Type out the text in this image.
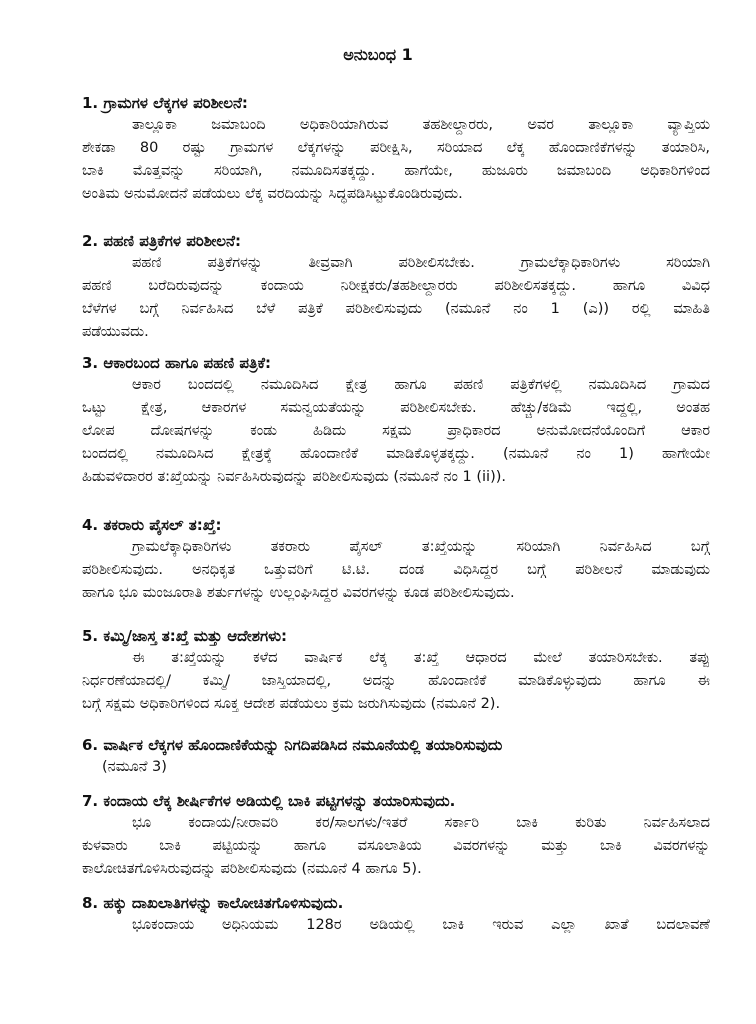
ಅನುಬಂಧ 1
1. ಗ್ರಾಮಗಳ ಲೆಕ್ಕಗಳ ಪರಿಶೀಲನೆ:
ತಾಲ್ಲೂಕಾ ಜಮಾಬಂದಿ ಅಧಿಕಾರಿಯಾಗಿರುವ ತಹಶೀಲ್ದಾರರು, ಅವರ ತಾಲ್ಲೂಕಾ ವ್ಯಾಪ್ತಿಯ
ಶೇಕಡಾ 80 ರಷ್ಟು ಗ್ರಾಮಗಳ ಲೆಕ್ಕಗಳನ್ನು ಪರೀಕ್ಷಿಸಿ, ಸರಿಯಾದ ಲೆಕ್ಕ ಹೊಂದಾಣಿಕೆಗಳನ್ನು ತಯಾರಿಸಿ,
ಬಾಕಿ ಮೊತ್ತವನ್ನು ಸರಿಯಾಗಿ, ನಮೂದಿಸತಕ್ಕದ್ದು. ಹಾಗೆಯೇ, ಹುಜೂರು ಜಮಾಬಂದಿ ಅಧಿಕಾರಿಗಳಿಂದ
ಅಂತಿಮ ಅನುಮೋದನೆ ಪಡೆಯಲು ಲೆಕ್ಕ ವರದಿಯನ್ನು ಸಿದ್ಧಪಡಿಸಿಟ್ಟುಕೊಂಡಿರುವುದು.
2. ಪಹಣಿ ಪತ್ರಿಕೆಗಳ ಪರಿಶೀಲನೆ:
ಪಹಣಿ ಪತ್ರಿಕೆಗಳನ್ನು ತೀವ್ರವಾಗಿ ಪರಿಶೀಲಿಸಬೇಕು. ಗ್ರಾಮಲೆಕ್ಕಾಧಿಕಾರಿಗಳು ಸರಿಯಾಗಿ
ಪಹಣಿ ಬರೆದಿರುವುದನ್ನು ಕಂದಾಯ ನಿರೀಕ್ಷಕರು/ತಹಶೀಲ್ದಾರರು ಪರಿಶೀಲಿಸತಕ್ಕದ್ದು. ಹಾಗೂ ವಿವಿಧ
ಬೆಳೆಗಳ ಬಗ್ಗೆ ನಿರ್ವಹಿಸಿದ ಬೆಳೆ ಪತ್ರಿಕೆ ಪರಿಶೀಲಿಸುವುದು (ನಮೂನೆ ನಂ 1 (ಎ)) ರಲ್ಲಿ ಮಾಹಿತಿ
ಪಡೆಯುವದು.
3. ಆಕಾರಬಂದ ಹಾಗೂ ಪಹಣಿ ಪತ್ರಿಕೆ:
ಆಕಾರ ಬಂದದಲ್ಲಿ ನಮೂದಿಸಿದ ಕ್ಷೇತ್ರ ಹಾಗೂ ಪಹಣಿ ಪತ್ರಿಕೆಗಳಲ್ಲಿ ನಮೂದಿಸಿದ ಗ್ರಾಮದ
ಒಟ್ಟು ಕ್ಷೇತ್ರ, ಆಕಾರಗಳ ಸಮನ್ವಯತೆಯನ್ನು ಪರಿಶೀಲಿಸಬೇಕು. ಹೆಚ್ಚು/ಕಡಿಮೆ ಇದ್ದಲ್ಲಿ, ಅಂತಹ
ಲೋಪ ದೋಷಗಳನ್ನು ಕಂಡು ಹಿಡಿದು ಸಕ್ಷಮ ಪ್ರಾಧಿಕಾರದ ಅನುಮೋದನೆಯೊಂದಿಗೆ ಆಕಾರ
ಬಂದದಲ್ಲಿ ನಮೂದಿಸಿದ ಕ್ಷೇತ್ರಕ್ಕೆ ಹೊಂದಾಣಿಕೆ ಮಾಡಿಕೊಳ್ಳತಕ್ಕದ್ದು. (ನಮೂನೆ ನಂ 1) ಹಾಗೇಯೇ
ಹಿಡುವಳಿದಾರರ ತ:ಖ್ತೆಯನ್ನು ನಿರ್ವಹಿಸಿರುವುದನ್ನು ಪರಿಶೀಲಿಸುವುದು (ನಮೂನೆ ನಂ 1 (ii)).
4. ತಕರಾರು ಪೈಸಲ್ ತ:ಖ್ತೆ:
ಗ್ರಾಮಲೆಕ್ಕಾಧಿಕಾರಿಗಳು ತಕರಾರು ಪೈಸಲ್ ತ:ಖ್ತೆಯನ್ನು ಸರಿಯಾಗಿ ನಿರ್ವಹಿಸಿದ ಬಗ್ಗೆ
ಪರಿಶೀಲಿಸುವುದು. ಅನಧಿಕೃತ ಒತ್ತುವರಿಗೆ ಟಿ.ಟಿ. ದಂಡ ವಿಧಿಸಿದ್ದರ ಬಗ್ಗೆ ಪರಿಶೀಲನೆ ಮಾಡುವುದು
ಹಾಗೂ ಭೂ ಮಂಜೂರಾತಿ ಶರ್ತುಗಳನ್ನು ಉಲ್ಲಂಘಿಸಿದ್ದರ ವಿವರಗಳನ್ನು ಕೂಡ ಪರಿಶೀಲಿಸುವುದು.
5. ಕಮ್ಮಿ/ಜಾಸ್ತ ತ:ಖ್ತೆ ಮತ್ತು ಆದೇಶಗಳು:
ಈ ತ:ಖ್ತೆಯನ್ನು ಕಳೆದ ವಾರ್ಷಿಕ ಲೆಕ್ಕ ತ:ಖ್ತೆ ಆಧಾರದ ಮೇಲೆ ತಯಾರಿಸಬೇಕು. ತಪ್ಪು
ನಿರ್ಧರಣೆಯಾದಲ್ಲಿ/ ಕಮ್ಮಿ/ ಜಾಸ್ತಿಯಾದಲ್ಲಿ, ಅದನ್ನು ಹೊಂದಾಣಿಕೆ ಮಾಡಿಕೊಳ್ಳುವುದು ಹಾಗೂ ಈ
ಬಗ್ಗೆ ಸಕ್ಷಮ ಅಧಿಕಾರಿಗಳಿಂದ ಸೂಕ್ತ ಆದೇಶ ಪಡೆಯಲು ಕ್ರಮ ಜರುಗಿಸುವುದು (ನಮೂನೆ 2).
6. ವಾರ್ಷಿಕ ಲೆಕ್ಕಗಳ ಹೊಂದಾಣಿಕೆಯನ್ನು ನಿಗದಿಪಡಿಸಿದ ನಮೂನೆಯಲ್ಲಿ ತಯಾರಿಸುವುದು
(ನಮೂನೆ 3)
7. ಕಂದಾಯ ಲೆಕ್ಕ ಶೀರ್ಷಿಕೆಗಳ ಅಡಿಯಲ್ಲಿ ಬಾಕಿ ಪಟ್ಟಿಗಳನ್ನು ತಯಾರಿಸುವುದು.
ಭೂ ಕಂದಾಯ/ನೀರಾವರಿ ಕರ/ಸಾಲಗಳು/ಇತರೆ ಸರ್ಕಾರಿ ಬಾಕಿ ಕುರಿತು ನಿರ್ವಹಿಸಲಾದ
ಕುಳವಾರು ಬಾಕಿ ಪಟ್ಟಿಯನ್ನು ಹಾಗೂ ವಸೂಲಾತಿಯ ವಿವರಗಳನ್ನು ಮತ್ತು ಬಾಕಿ ವಿವರಗಳನ್ನು
ಕಾಲೋಚಿತಗೊಳಿಸಿರುವುದನ್ನು ಪರಿಶೀಲಿಸುವುದು (ನಮೂನೆ 4 ಹಾಗೂ 5).
8. ಹಕ್ಕು ದಾಖಲಾತಿಗಳನ್ನು ಕಾಲೋಚಿತಗೊಳಿಸುವುದು.
ಭೂಕಂದಾಯ ಅಧಿನಿಯಮ 128ರ ಅಡಿಯಲ್ಲಿ ಬಾಕಿ ಇರುವ ಎಲ್ಲಾ ಖಾತೆ ಬದಲಾವಣೆ
